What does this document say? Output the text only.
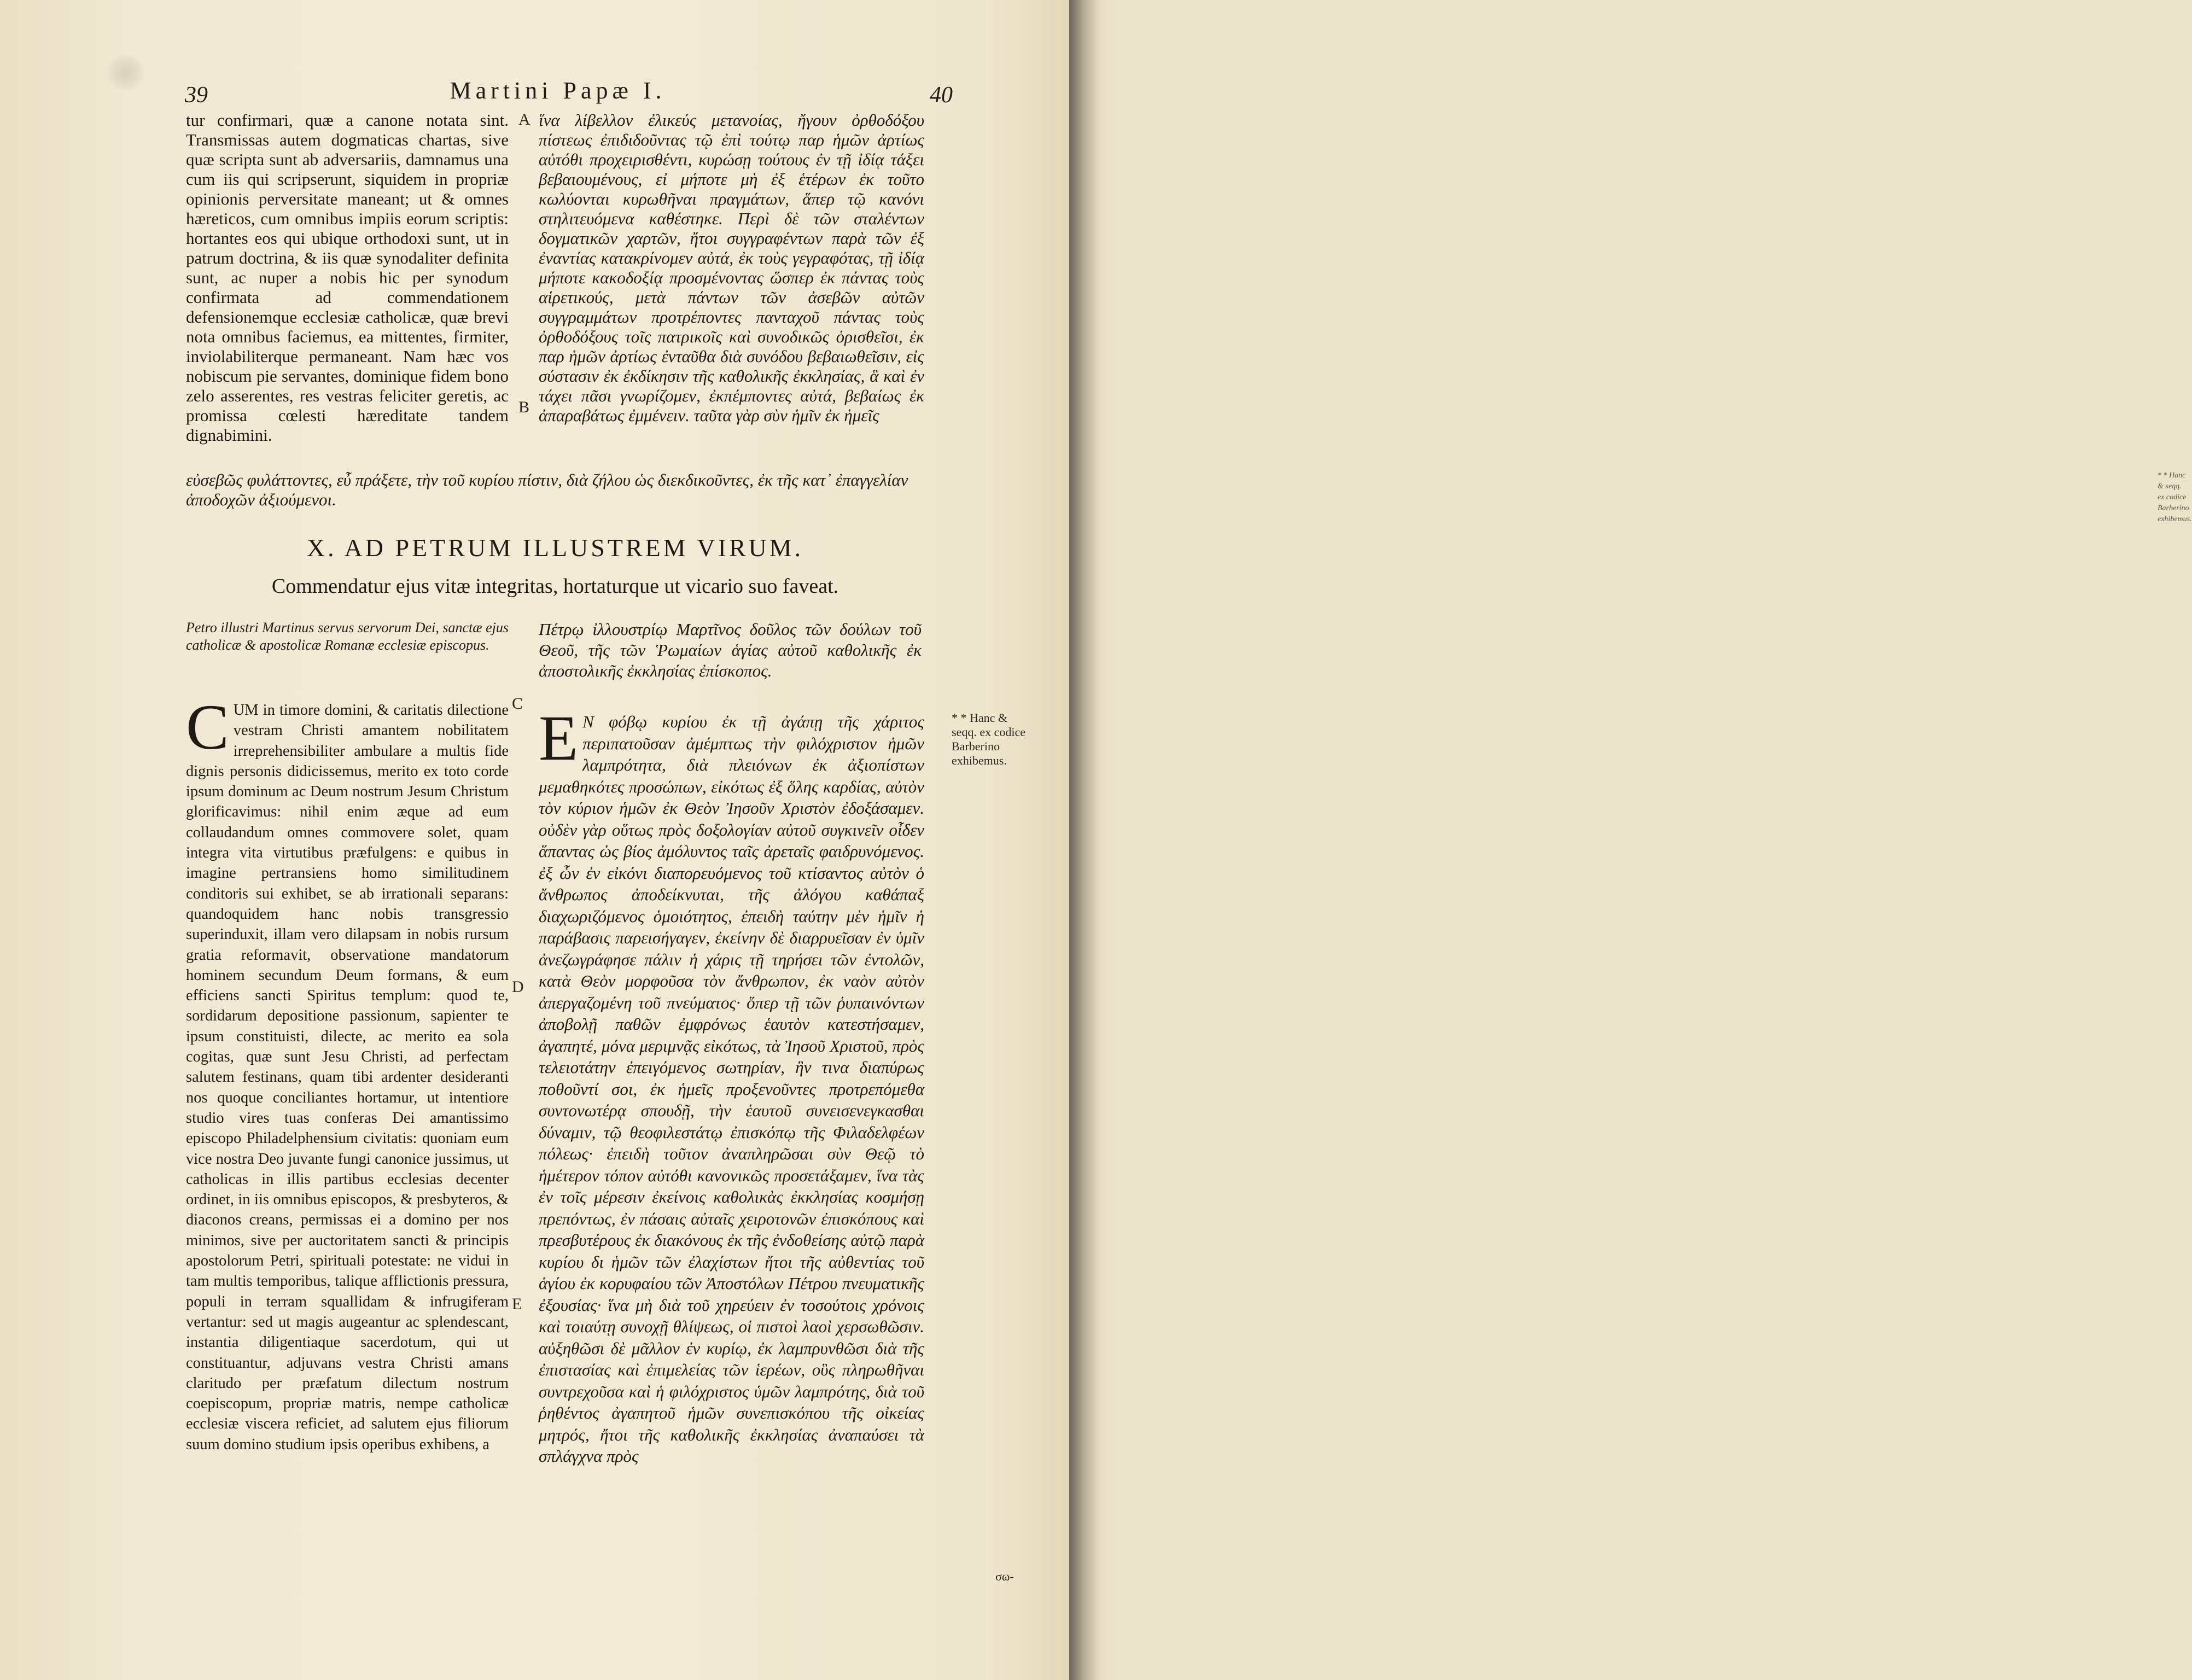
* * Hanc & seqq. ex codice Barberino exhibemus.
39	Martini Papæ I.	40

tur confirmari, quæ a canone notata sint. Transmissas autem dogmaticas chartas, sive quæ scripta sunt ab adversariis, damnamus una cum iis qui scripserunt, siquidem in propriæ opinionis perversitate maneant; ut & omnes hæreticos, cum omnibus impiis eorum scriptis: hortantes eos qui ubique orthodoxi sunt, ut in patrum doctrina, & iis quæ synodaliter definita sunt, ac nuper a nobis hic per synodum confirmata ad commendationem defensionemque ecclesiæ catholicæ, quæ brevi nota omnibus faciemus, ea mittentes, firmiter, inviolabiliterque permaneant. Nam hæc vos nobiscum pie servantes, dominique fidem bono zelo asserentes, res vestras feliciter geretis, ac promissa cœlesti hæreditate tandem dignabimini.

A ἵνα λίβελλον ἐλικεύς μετανοίας, ἤγουν ὀρθοδόξου πίστεως ἐπιδιδοῦντας τῷ ἐπὶ τούτῳ παρ ἡμῶν ἀρτίως αὐτόθι προχειρισθέντι, κυρώσῃ τούτους ἐν τῇ ἰδίᾳ τάξει βεβαιουμένους, εἰ μήποτε μὴ ἐξ ἑτέρων ἐκ τοῦτο κωλύονται κυρωθῆναι πραγμάτων, ἅπερ τῷ κανόνι στηλιτευόμενα καθέστηκε. Περὶ δὲ τῶν σταλέντων δογματικῶν χαρτῶν, ἤτοι συγγραφέντων παρὰ τῶν ἐξ ἐναντίας κατακρίνομεν αὐτά, ἐκ τοὺς γεγραφότας, τῇ ἰδίᾳ μήποτε κακοδοξίᾳ προσμένοντας ὥσπερ ἐκ πάντας τοὺς αἱρετικούς, μετὰ πάντων τῶν ἀσεβῶν αὐτῶν συγγραμμάτων προτρέποντες πανταχοῦ πάντας τοὺς ὀρθοδόξους τοῖς πατρικοῖς καὶ συνοδικῶς ὁρισθεῖσι, ἐκ παρ ἡμῶν ἀρτίως ἐνταῦθα διὰ συνόδου βεβαιωθεῖσιν, εἰς σύστασιν ἐκ ἐκδίκησιν τῆς καθολικῆς ἐκκλησίας, ἃ καὶ ἐν τάχει πᾶσι γνωρίζομεν, ἐκπέμποντες αὐτά, βεβαίως ἐκ ἀπαραβάτως ἐμμένειν. ταῦτα γὰρ σὺν ἡμῖν ἐκ ἡμεῖς

B
εὐσεβῶς φυλάττοντες, εὖ πράξετε, τὴν τοῦ κυρίου πίστιν, διὰ ζήλου ὡς διεκδικοῦντες, ἐκ τῆς κατ᾽ ἐπαγγελίαν ἀποδοχῶν ἀξιούμενοι.
X. AD PETRUM ILLUSTREM VIRUM.
Commendatur ejus vitæ integritas, hortaturque ut vicario suo faveat.
Petro illustri Martinus servus servorum Dei, sanctæ ejus catholicæ & apostolicæ Romanæ ecclesiæ episcopus.
Πέτρῳ ἰλλουστρίῳ Μαρτῖνος δοῦλος τῶν δούλων τοῦ Θεοῦ, τῆς τῶν Ῥωμαίων ἁγίας αὐτοῦ καθολικῆς ἐκ ἀποστολικῆς ἐκκλησίας ἐπίσκοπος.

CUM in timore domini, & caritatis dilectione vestram Christi amantem nobilitatem irreprehensibiliter ambulare a multis fide dignis personis didicissemus, merito ex toto corde ipsum dominum ac Deum nostrum Jesum Christum glorificavimus: nihil enim æque ad eum collaudandum omnes commovere solet, quam integra vita virtutibus præfulgens: e quibus in imagine pertransiens homo similitudinem conditoris sui exhibet, se ab irrationali separans: quandoquidem hanc nobis transgressio superinduxit, illam vero dilapsam in nobis rursum gratia reformavit, observatione mandatorum hominem secundum Deum formans, & eum efficiens sancti Spiritus templum: quod te, sordidarum depositione passionum, sapienter te ipsum constituisti, dilecte, ac merito ea sola cogitas, quæ sunt Jesu Christi, ad perfectam salutem festinans, quam tibi ardenter desideranti nos quoque conciliantes hortamur, ut intentiore studio vires tuas conferas Dei amantissimo episcopo Philadelphensium civitatis: quoniam eum vice nostra Deo juvante fungi canonice jussimus, ut catholicas in illis partibus ecclesias decenter ordinet, in iis omnibus episcopos, & presbyteros, & diaconos creans, permissas ei a domino per nos minimos, sive per auctoritatem sancti & principis apostolorum Petri, spirituali potestate: ne vidui in tam multis temporibus, talique afflictionis pressura, populi in terram squallidam & infrugiferam vertantur: sed ut magis augeantur ac splendescant, instantia diligentiaque sacerdotum, qui ut constituantur, adjuvans vestra Christi amans claritudo per præfatum dilectum nostrum coepiscopum, propriæ matris, nempe catholicæ ecclesiæ viscera reficiet, ad salutem ejus filiorum suum domino studium ipsis operibus exhibens, a

C
D
E

E Ν φόβῳ κυρίου ἐκ τῇ ἀγάπῃ τῆς χάριτος περιπατοῦσαν ἀμέμπτως τὴν φιλόχριστον ἡμῶν λαμπρότητα, διὰ πλειόνων ἐκ ἀξιοπίστων μεμαθηκότες προσώπων, εἰκότως ἐξ ὅλης καρδίας, αὐτὸν τὸν κύριον ἡμῶν ἐκ Θεὸν Ἰησοῦν Χριστὸν ἐδοξάσαμεν. οὐδὲν γὰρ οὕτως πρὸς δοξολογίαν αὐτοῦ συγκινεῖν οἶδεν ἅπαντας ὡς βίος ἀμόλυντος ταῖς ἀρεταῖς φαιδρυνόμενος. ἐξ ὧν ἐν εἰκόνι διαπορευόμενος τοῦ κτίσαντος αὐτὸν ὁ ἄνθρωπος ἀποδείκνυται, τῆς ἀλόγου καθάπαξ διαχωριζόμενος ὁμοιότητος, ἐπειδὴ ταύτην μὲν ἡμῖν ἡ παράβασις παρεισήγαγεν, ἐκείνην δὲ διαρρυεῖσαν ἐν ὑμῖν ἀνεζωγράφησε πάλιν ἡ χάρις τῇ τηρήσει τῶν ἐντολῶν, κατὰ Θεὸν μορφοῦσα τὸν ἄνθρωπον, ἐκ ναὸν αὐτὸν ἀπεργαζομένη τοῦ πνεύματος· ὅπερ τῇ τῶν ῥυπαινόντων ἀποβολῇ παθῶν ἐμφρόνως ἑαυτὸν κατεστήσαμεν, ἀγαπητέ, μόνα μεριμνᾷς εἰκότως, τὰ Ἰησοῦ Χριστοῦ, πρὸς τελειοτάτην ἐπειγόμενος σωτηρίαν, ἣν τινα διαπύρως ποθοῦντί σοι, ἐκ ἡμεῖς προξενοῦντες προτρεπόμεθα συντονωτέρᾳ σπουδῇ, τὴν ἑαυτοῦ συνεισενεγκασθαι δύναμιν, τῷ θεοφιλεστάτῳ ἐπισκόπῳ τῆς Φιλαδελφέων πόλεως· ἐπειδὴ τοῦτον ἀναπληρῶσαι σὺν Θεῷ τὸ ἡμέτερον τόπον αὐτόθι κανονικῶς προσετάξαμεν, ἵνα τὰς ἐν τοῖς μέρεσιν ἐκείνοις καθολικὰς ἐκκλησίας κοσμήσῃ πρεπόντως, ἐν πάσαις αὐταῖς χειροτονῶν ἐπισκόπους καὶ πρεσβυτέρους ἐκ διακόνους ἐκ τῆς ἐνδοθείσης αὐτῷ παρὰ κυρίου δι ἡμῶν τῶν ἐλαχίστων ἤτοι τῆς αὐθεντίας τοῦ ἁγίου ἐκ κορυφαίου τῶν Ἀποστόλων Πέτρου πνευματικῆς ἐξουσίας· ἵνα μὴ διὰ τοῦ χηρεύειν ἐν τοσούτοις χρόνοις καὶ τοιαύτῃ συνοχῇ θλίψεως, οἱ πιστοὶ λαοὶ χερσωθῶσιν. αὐξηθῶσι δὲ μᾶλλον ἐν κυρίῳ, ἐκ λαμπρυνθῶσι διὰ τῆς ἐπιστασίας καὶ ἐπιμελείας τῶν ἱερέων, οὓς πληρωθῆναι συντρεχοῦσα καὶ ἡ φιλόχριστος ὑμῶν λαμπρότης, διὰ τοῦ ῥηθέντος ἀγαπητοῦ ἡμῶν συνεπισκόπου τῆς οἰκείας μητρός, ἤτοι τῆς καθολικῆς ἐκκλησίας ἀναπαύσει τὰ σπλάγχνα πρὸς

σω-
* * Hanc & seqq. ex codice Barberino exhibemus.
